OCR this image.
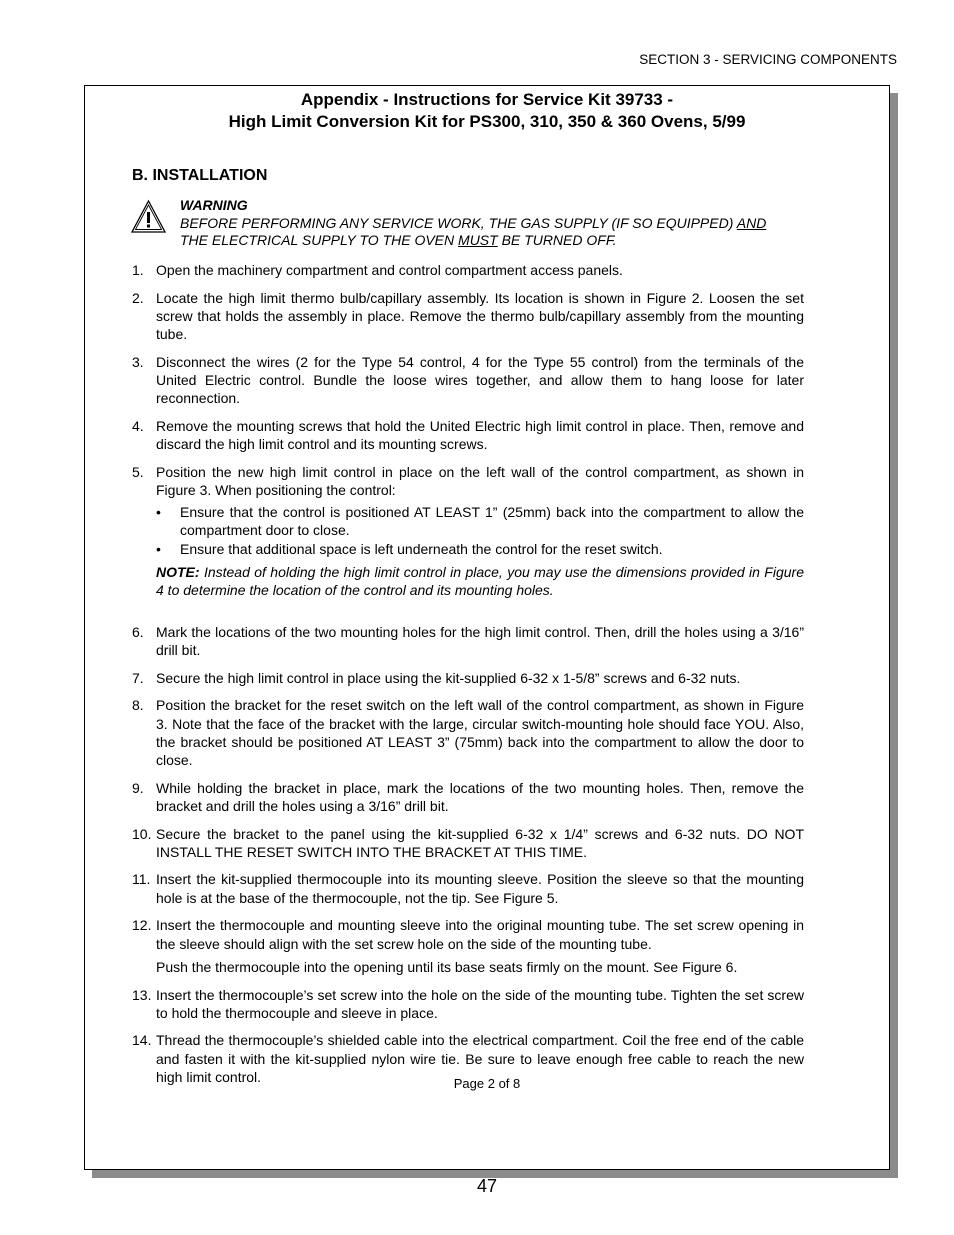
SECTION 3 - SERVICING COMPONENTS
Appendix - Instructions for Service Kit 39733 -
High Limit Conversion Kit for PS300, 310, 350 & 360 Ovens, 5/99
B. INSTALLATION
WARNING
BEFORE PERFORMING ANY SERVICE WORK, THE GAS SUPPLY (IF SO EQUIPPED) AND
THE ELECTRICAL SUPPLY TO THE OVEN MUST BE TURNED OFF.
1. Open the machinery compartment and control compartment access panels.

2. Locate the high limit thermo bulb/capillary assembly. Its location is shown in Figure 2. Loosen the set screw that holds the assembly in place. Remove the thermo bulb/capillary assembly from the mounting tube.

3. Disconnect the wires (2 for the Type 54 control, 4 for the Type 55 control) from the terminals of the United Electric control. Bundle the loose wires together, and allow them to hang loose for later reconnection.

4. Remove the mounting screws that hold the United Electric high limit control in place. Then, remove and discard the high limit control and its mounting screws.

5. Position the new high limit control in place on the left wall of the control compartment, as shown in Figure 3. When positioning the control:

•	Ensure that the control is positioned AT LEAST 1” (25mm) back into the compartment to allow the compartment door to close.
•	Ensure that additional space is left underneath the control for the reset switch.

NOTE: Instead of holding the high limit control in place, you may use the dimensions provided in Figure 4 to determine the location of the control and its mounting holes.

6. Mark the locations of the two mounting holes for the high limit control. Then, drill the holes using a 3/16” drill bit.

7. Secure the high limit control in place using the kit-supplied 6-32 x 1-5/8” screws and 6-32 nuts.

8. Position the bracket for the reset switch on the left wall of the control compartment, as shown in Figure 3. Note that the face of the bracket with the large, circular switch-mounting hole should face YOU. Also, the bracket should be positioned AT LEAST 3” (75mm) back into the compartment to allow the door to close.

9. While holding the bracket in place, mark the locations of the two mounting holes. Then, remove the bracket and drill the holes using a 3/16” drill bit.

10. Secure the bracket to the panel using the kit-supplied 6-32 x 1/4” screws and 6-32 nuts. DO NOT INSTALL THE RESET SWITCH INTO THE BRACKET AT THIS TIME.

11. Insert the kit-supplied thermocouple into its mounting sleeve. Position the sleeve so that the mounting hole is at the base of the thermocouple, not the tip. See Figure 5.

12. Insert the thermocouple and mounting sleeve into the original mounting tube. The set screw opening in the sleeve should align with the set screw hole on the side of the mounting tube.

Push the thermocouple into the opening until its base seats firmly on the mount. See Figure 6.

13. Insert the thermocouple’s set screw into the hole on the side of the mounting tube. Tighten the set screw to hold the thermocouple and sleeve in place.

14. Thread the thermocouple’s shielded cable into the electrical compartment. Coil the free end of the cable and fasten it with the kit-supplied nylon wire tie. Be sure to leave enough free cable to reach the new high limit control.	Page 2 of 8
47
